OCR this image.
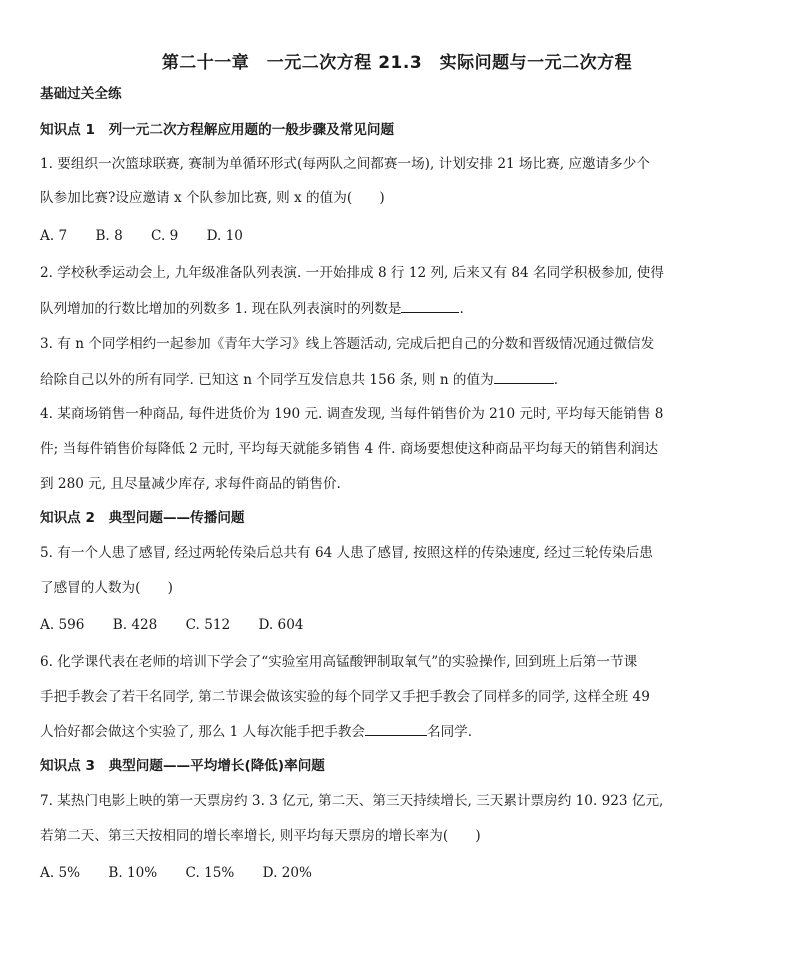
第二十一章　一元二次方程 21.3　实际问题与一元二次方程
基础过关全练
知识点 1　列一元二次方程解应用题的一般步骤及常见问题
1. 要组织一次篮球联赛, 赛制为单循环形式(每两队之间都赛一场), 计划安排 21 场比赛, 应邀请多少个
队参加比赛?设应邀请 x 个队参加比赛, 则 x 的值为(　　)
A. 7 B. 8 C. 9 D. 10
2. 学校秋季运动会上, 九年级准备队列表演. 一开始排成 8 行 12 列, 后来又有 84 名同学积极参加, 使得
队列增加的行数比增加的列数多 1. 现在队列表演时的列数是	.
3. 有 n 个同学相约一起参加《青年大学习》线上答题活动, 完成后把自己的分数和晋级情况通过微信发
给除自己以外的所有同学. 已知这 n 个同学互发信息共 156 条, 则 n 的值为	.
4. 某商场销售一种商品, 每件进货价为 190 元. 调查发现, 当每件销售价为 210 元时, 平均每天能销售 8
件; 当每件销售价每降低 2 元时, 平均每天就能多销售 4 件. 商场要想使这种商品平均每天的销售利润达
到 280 元, 且尽量减少库存, 求每件商品的销售价.
知识点 2　典型问题——传播问题
5. 有一个人患了感冒, 经过两轮传染后总共有 64 人患了感冒, 按照这样的传染速度, 经过三轮传染后患
了感冒的人数为(　　)
A. 596 B. 428 C. 512 D. 604
6. 化学课代表在老师的培训下学会了“实验室用高锰酸钾制取氧气”的实验操作, 回到班上后第一节课
手把手教会了若干名同学, 第二节课会做该实验的每个同学又手把手教会了同样多的同学, 这样全班 49
人恰好都会做这个实验了, 那么 1 人每次能手把手教会	名同学.
知识点 3　典型问题——平均增长(降低)率问题
7. 某热门电影上映的第一天票房约 3. 3 亿元, 第二天、第三天持续增长, 三天累计票房约 10. 923 亿元,
若第二天、第三天按相同的增长率增长, 则平均每天票房的增长率为(　　)
A. 5% B. 10% C. 15% D. 20%
